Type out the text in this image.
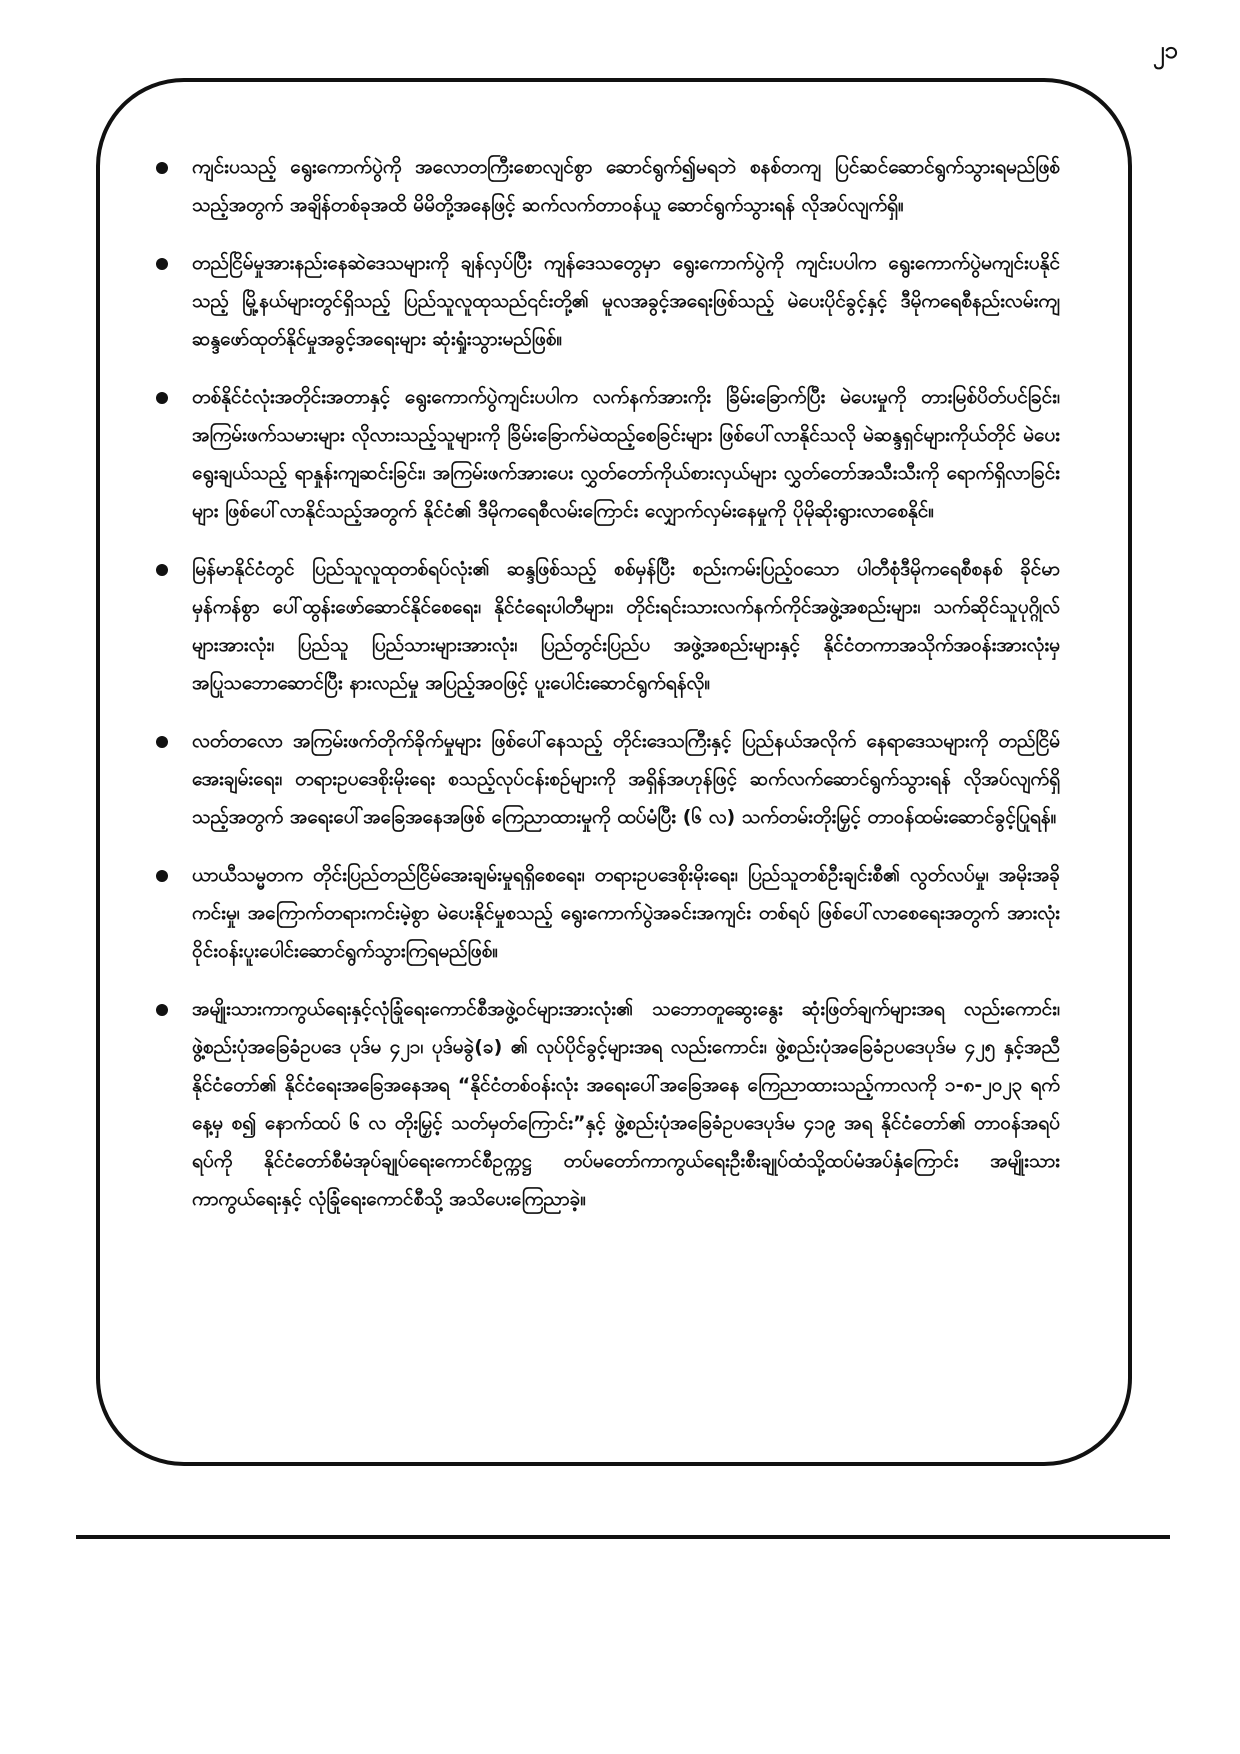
၂၁
ကျင်းပသည့် ရွေးကောက်ပွဲကို အလောတကြီးစောလျင်စွာ ဆောင်ရွက်၍မရဘဲ စနစ်တကျ ပြင်ဆင်ဆောင်ရွက်သွားရမည်ဖြစ်သည့်အတွက် အချိန်တစ်ခုအထိ မိမိတို့အနေဖြင့် ဆက်လက်တာဝန်ယူ ဆောင်ရွက်သွားရန် လိုအပ်လျက်ရှိ။
တည်ငြိမ်မှုအားနည်းနေဆဲဒေသများကို ချန်လှပ်ပြီး ကျန်ဒေသတွေမှာ ရွေးကောက်ပွဲကို ကျင်းပပါက ရွေးကောက်ပွဲမကျင်းပနိုင်သည့် မြို့နယ်များတွင်ရှိသည့် ပြည်သူလူထုသည်၎င်းတို့၏ မူလအခွင့်အရေးဖြစ်သည့် မဲပေးပိုင်ခွင့်နှင့် ဒီမိုကရေစီနည်းလမ်းကျ ဆန္ဒဖော်ထုတ်နိုင်မှုအခွင့်အရေးများ ဆုံးရှုံးသွားမည်ဖြစ်။
တစ်နိုင်ငံလုံးအတိုင်းအတာနှင့် ရွေးကောက်ပွဲကျင်းပပါက လက်နက်အားကိုး ခြိမ်းခြောက်ပြီး မဲပေးမှုကို တားမြစ်ပိတ်ပင်ခြင်း၊ အကြမ်းဖက်သမားများ လိုလားသည့်သူများကို ခြိမ်းခြောက်မဲထည့်စေခြင်းများ ဖြစ်ပေါ်လာနိုင်သလို မဲဆန္ဒရှင်များကိုယ်တိုင် မဲပေးရွေးချယ်သည့် ရာနှုန်းကျဆင်းခြင်း၊ အကြမ်းဖက်အားပေး လွှတ်တော်ကိုယ်စားလှယ်များ လွှတ်တော်အသီးသီးကို ရောက်ရှိလာခြင်းများ ဖြစ်ပေါ်လာနိုင်သည့်အတွက် နိုင်ငံ၏ ဒီမိုကရေစီလမ်းကြောင်း လျှောက်လှမ်းနေမှုကို ပိုမိုဆိုးရွားလာစေနိုင်။
မြန်မာနိုင်ငံတွင် ပြည်သူလူထုတစ်ရပ်လုံး၏ ဆန္ဒဖြစ်သည့် စစ်မှန်ပြီး စည်းကမ်းပြည့်ဝသော ပါတီစုံဒီမိုကရေစီစနစ် ခိုင်မာမှန်ကန်စွာ ပေါ်ထွန်းဖော်ဆောင်နိုင်စေရေး၊ နိုင်ငံရေးပါတီများ၊ တိုင်းရင်းသားလက်နက်ကိုင်အဖွဲ့အစည်းများ၊ သက်ဆိုင်သူပုဂ္ဂိုလ်များအားလုံး၊ ပြည်သူ ပြည်သားများအားလုံး၊ ပြည်တွင်းပြည်ပ အဖွဲ့အစည်းများနှင့် နိုင်ငံတကာအသိုက်အဝန်းအားလုံးမှ အပြုသဘောဆောင်ပြီး နားလည်မှု အပြည့်အဝဖြင့် ပူးပေါင်းဆောင်ရွက်ရန်လို။
လတ်တလော အကြမ်းဖက်တိုက်ခိုက်မှုများ ဖြစ်ပေါ်နေသည့် တိုင်းဒေသကြီးနှင့် ပြည်နယ်အလိုက် နေရာဒေသများကို တည်ငြိမ်အေးချမ်းရေး၊ တရားဥပဒေစိုးမိုးရေး စသည့်လုပ်ငန်းစဉ်များကို အရှိန်အဟုန်ဖြင့် ဆက်လက်ဆောင်ရွက်သွားရန် လိုအပ်လျက်ရှိသည့်အတွက် အရေးပေါ်အခြေအနေအဖြစ် ကြေညာထားမှုကို ထပ်မံပြီး (၆ လ) သက်တမ်းတိုးမြှင့် တာဝန်ထမ်းဆောင်ခွင့်ပြုရန်။
ယာယီသမ္မတက တိုင်းပြည်တည်ငြိမ်အေးချမ်းမှုရရှိစေရေး၊ တရားဥပဒေစိုးမိုးရေး၊ ပြည်သူတစ်ဦးချင်းစီ၏ လွတ်လပ်မှု၊ အမိုးအခိုကင်းမှု၊ အကြောက်တရားကင်းမဲ့စွာ မဲပေးနိုင်မှုစသည့် ရွေးကောက်ပွဲအခင်းအကျင်း တစ်ရပ် ဖြစ်ပေါ်လာစေရေးအတွက် အားလုံးဝိုင်းဝန်းပူးပေါင်းဆောင်ရွက်သွားကြရမည်ဖြစ်။
အမျိုးသားကာကွယ်ရေးနှင့်လုံခြုံရေးကောင်စီအဖွဲ့ဝင်များအားလုံး၏ သဘောတူဆွေးနွေး ဆုံးဖြတ်ချက်များအရ လည်းကောင်း၊ ဖွဲ့စည်းပုံအခြေခံဥပဒေ ပုဒ်မ ၄၂၁၊ ပုဒ်မခွဲ(ခ) ၏ လုပ်ပိုင်ခွင့်များအရ လည်းကောင်း၊ ဖွဲ့စည်းပုံအခြေခံဥပဒေပုဒ်မ ၄၂၅ နှင့်အညီ နိုင်ငံတော်၏ နိုင်ငံရေးအခြေအနေအရ “နိုင်ငံတစ်ဝန်းလုံး အရေးပေါ်အခြေအနေ ကြေညာထားသည့်ကာလကို ၁-၈-၂၀၂၃ ရက်နေ့မှ စ၍ နောက်ထပ် ၆ လ တိုးမြှင့် သတ်မှတ်ကြောင်း”နှင့် ဖွဲ့စည်းပုံအခြေခံဥပဒေပုဒ်မ ၄၁၉ အရ နိုင်ငံတော်၏ တာဝန်အရပ်ရပ်ကို နိုင်ငံတော်စီမံအုပ်ချုပ်ရေးကောင်စီဥက္ကဋ္ဌ တပ်မတော်ကာကွယ်ရေးဦးစီးချုပ်ထံသို့ထပ်မံအပ်နှံကြောင်း အမျိုးသားကာကွယ်ရေးနှင့် လုံခြုံရေးကောင်စီသို့ အသိပေးကြေညာခဲ့။
